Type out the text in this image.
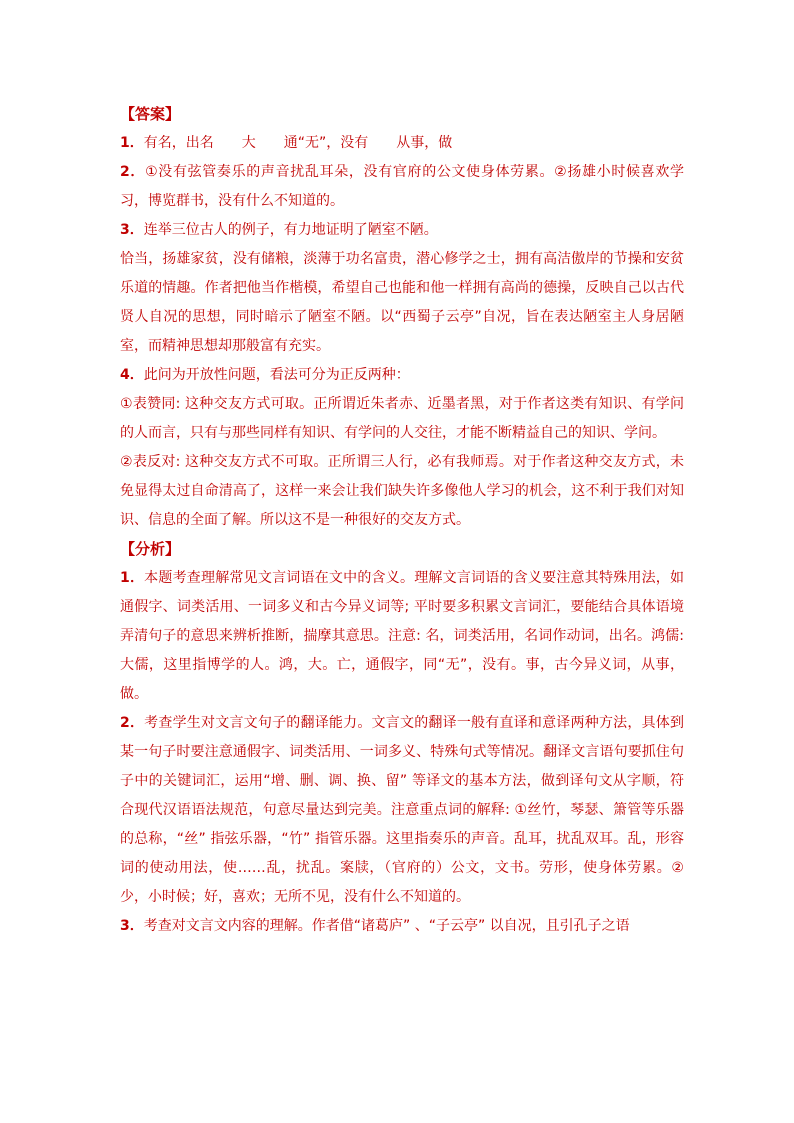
【答案】

1．有名，出名　　大　　通“无”，没有　　从事，做

2．①没有弦管奏乐的声音扰乱耳朵，没有官府的公文使身体劳累。②扬雄小时候喜欢学习，博览群书，没有什么不知道的。

3．连举三位古人的例子，有力地证明了陋室不陋。

恰当，扬雄家贫，没有储粮，淡薄于功名富贵，潜心修学之士，拥有高洁傲岸的节操和安贫乐道的情趣。作者把他当作楷模，希望自己也能和他一样拥有高尚的德操，反映自己以古代贤人自况的思想，同时暗示了陋室不陋。以“西蜀子云亭”自况，旨在表达陋室主人身居陋室，而精神思想却那般富有充实。

4．此问为开放性问题，看法可分为正反两种：

①表赞同: 这种交友方式可取。正所谓近朱者赤、近墨者黑，对于作者这类有知识、有学问的人而言，只有与那些同样有知识、有学问的人交往，才能不断精益自己的知识、学问。

②表反对: 这种交友方式不可取。正所谓三人行，必有我师焉。对于作者这种交友方式，未免显得太过自命清高了，这样一来会让我们缺失许多像他人学习的机会，这不利于我们对知识、信息的全面了解。所以这不是一种很好的交友方式。

【分析】

1．本题考查理解常见文言词语在文中的含义。理解文言词语的含义要注意其特殊用法，如通假字、词类活用、一词多义和古今异义词等; 平时要多积累文言词汇，要能结合具体语境弄清句子的意思来辨析推断，揣摩其意思。注意: 名，词类活用，名词作动词，出名。鸿儒: 大儒，这里指博学的人。鸿，大。亡，通假字，同“无”，没有。事，古今异义词，从事，做。

2．考查学生对文言文句子的翻译能力。文言文的翻译一般有直译和意译两种方法，具体到某一句子时要注意通假字、词类活用、一词多义、特殊句式等情况。翻译文言语句要抓住句子中的关键词汇，运用“增、删、调、换、留” 等译文的基本方法，做到译句文从字顺，符合现代汉语语法规范，句意尽量达到完美。注意重点词的解释: ①丝竹，琴瑟、箫管等乐器的总称，“丝” 指弦乐器，“竹” 指管乐器。这里指奏乐的声音。乱耳，扰乱双耳。乱，形容词的使动用法，使……乱，扰乱。案牍，（官府的）公文，文书。劳形，使身体劳累。②少，小时候；好，喜欢；无所不见，没有什么不知道的。

3．考查对文言文内容的理解。作者借“诸葛庐” 、“子云亭” 以自况，且引孔子之语
